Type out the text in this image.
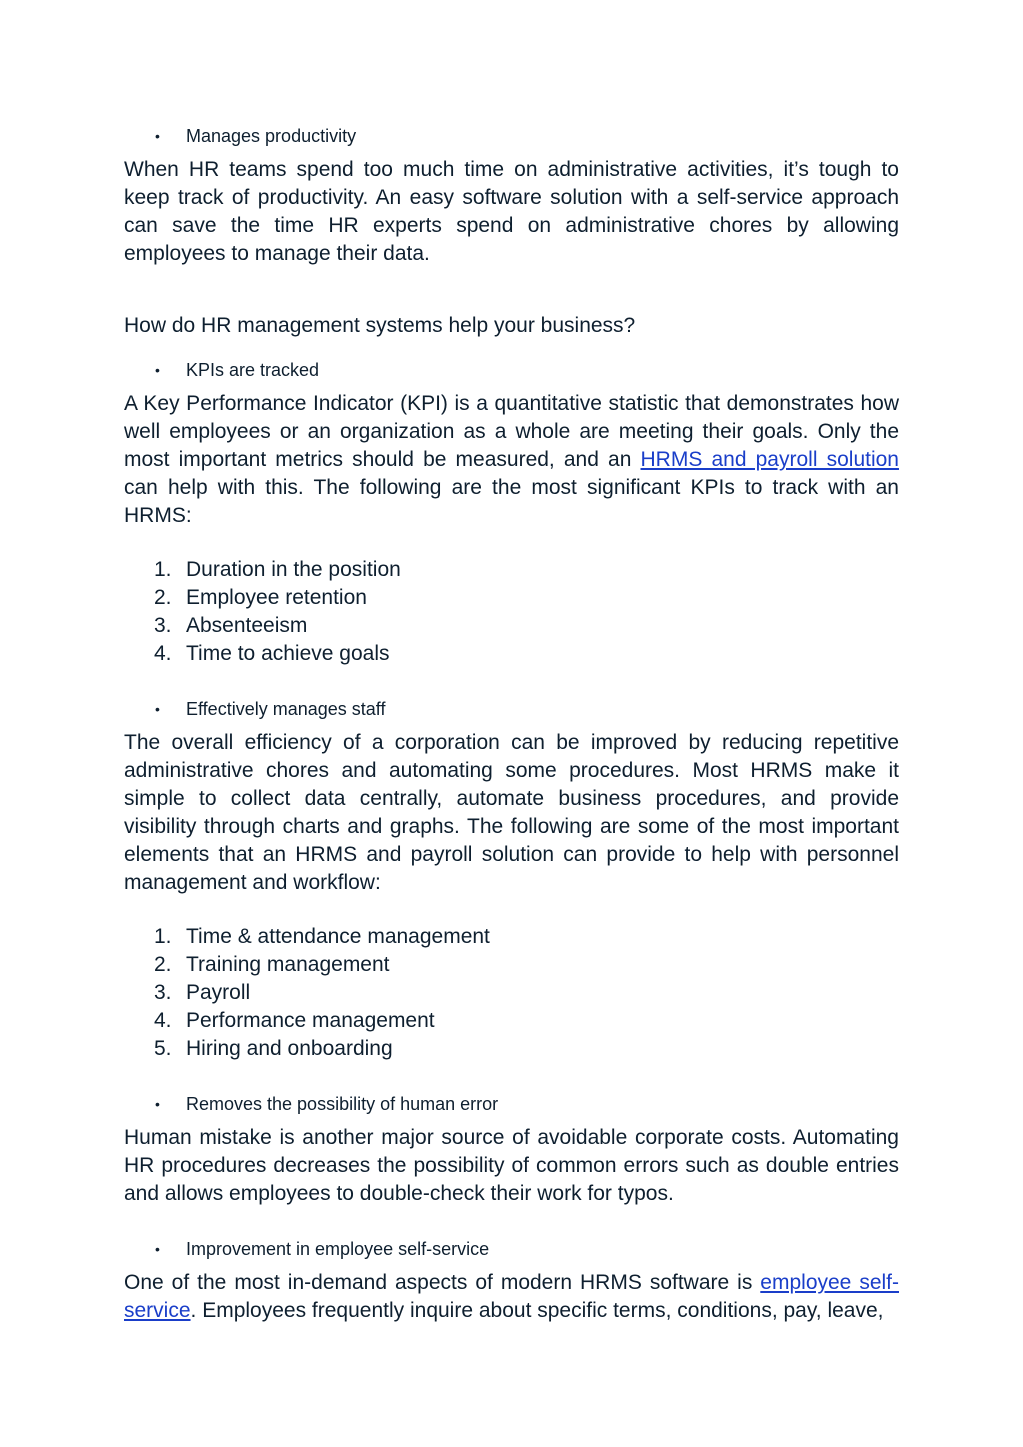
• Manages productivity

When HR teams spend too much time on administrative activities, it’s tough to keep track of productivity. An easy software solution with a self-service approach can save the time HR experts spend on administrative chores by allowing employees to manage their data.

How do HR management systems help your business?

• KPIs are tracked

A Key Performance Indicator (KPI) is a quantitative statistic that demonstrates how well employees or an organization as a whole are meeting their goals. Only the most important metrics should be measured, and an HRMS and payroll solution can help with this. The following are the most significant KPIs to track with an HRMS:

1. Duration in the position
2. Employee retention
3. Absenteeism
4. Time to achieve goals

• Effectively manages staff

The overall efficiency of a corporation can be improved by reducing repetitive administrative chores and automating some procedures. Most HRMS make it simple to collect data centrally, automate business procedures, and provide visibility through charts and graphs. The following are some of the most important elements that an HRMS and payroll solution can provide to help with personnel management and workflow:

1. Time & attendance management
2. Training management
3. Payroll
4. Performance management
5. Hiring and onboarding

• Removes the possibility of human error

Human mistake is another major source of avoidable corporate costs. Automating HR procedures decreases the possibility of common errors such as double entries and allows employees to double-check their work for typos.

• Improvement in employee self-service

One of the most in-demand aspects of modern HRMS software is employee self-service. Employees frequently inquire about specific terms, conditions, pay, leave,
